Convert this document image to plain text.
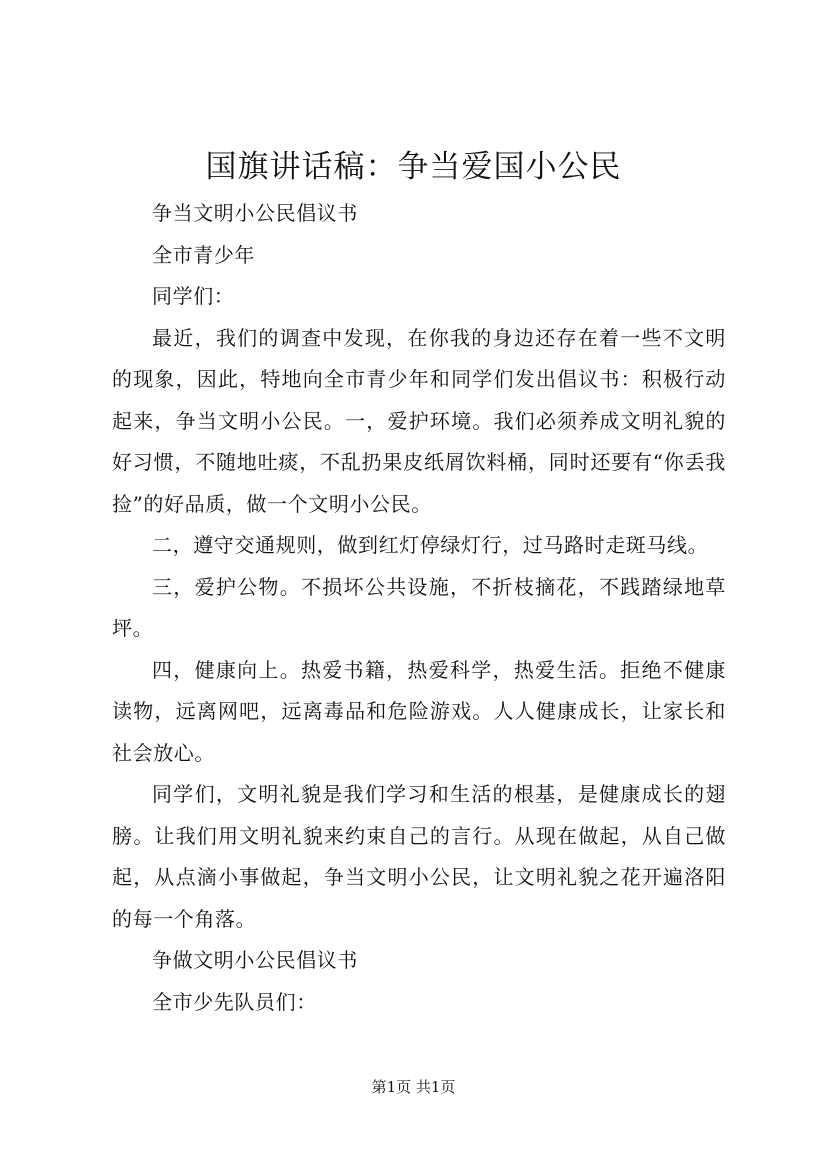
国旗讲话稿：争当爱国小公民

争当文明小公民倡议书

全市青少年

同学们：

最近，我们的调查中发现，在你我的身边还存在着一些不文明的现象，因此，特地向全市青少年和同学们发出倡议书：积极行动起来，争当文明小公民。一，爱护环境。我们必须养成文明礼貌的好习惯，不随地吐痰，不乱扔果皮纸屑饮料桶，同时还要有“你丢我捡”的好品质，做一个文明小公民。

二，遵守交通规则，做到红灯停绿灯行，过马路时走斑马线。

三，爱护公物。不损坏公共设施，不折枝摘花，不践踏绿地草坪。

四，健康向上。热爱书籍，热爱科学，热爱生活。拒绝不健康读物，远离网吧，远离毒品和危险游戏。人人健康成长，让家长和社会放心。

同学们，文明礼貌是我们学习和生活的根基，是健康成长的翅膀。让我们用文明礼貌来约束自己的言行。从现在做起，从自己做起，从点滴小事做起，争当文明小公民，让文明礼貌之花开遍洛阳的每一个角落。

争做文明小公民倡议书

全市少先队员们：

第1页 共1页
